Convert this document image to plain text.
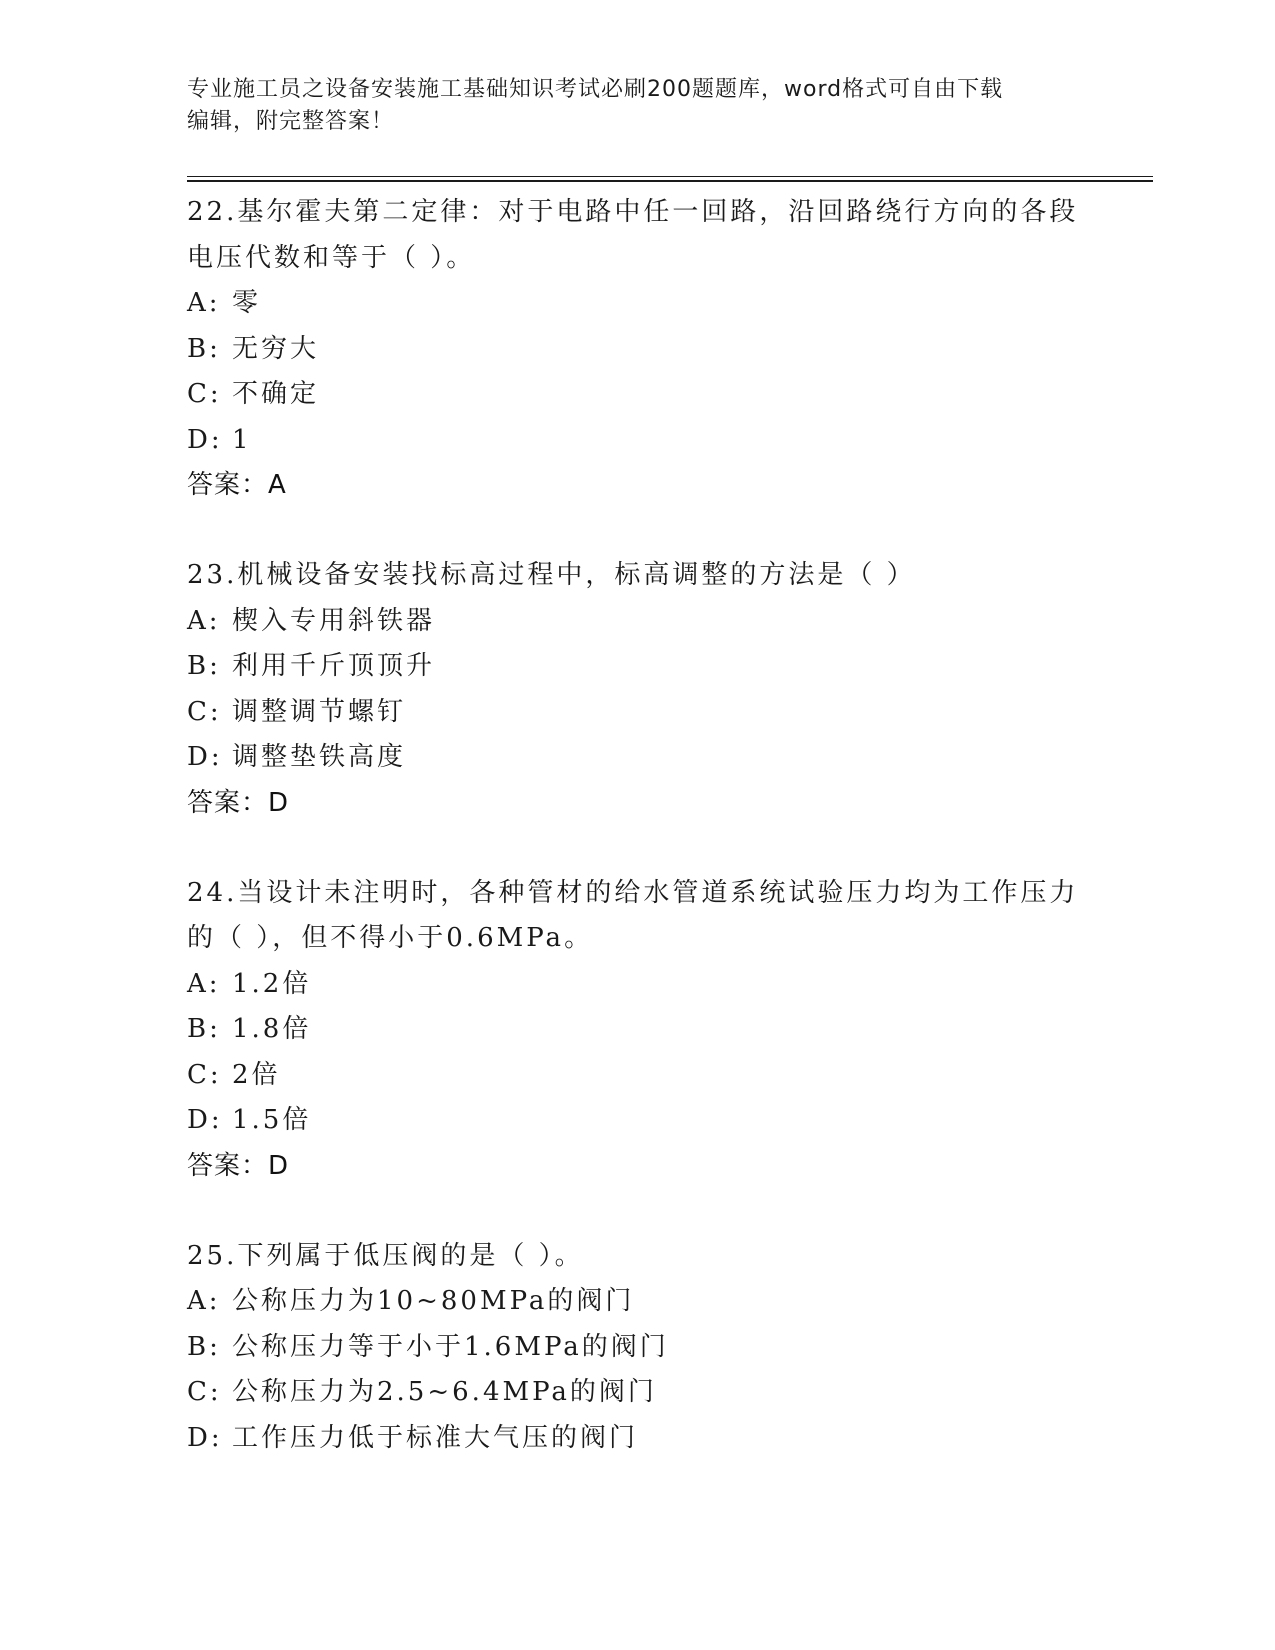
专业施工员之设备安装施工基础知识考试必刷200题题库，word格式可自由下载
编辑，附完整答案！
22.基尔霍夫第二定律：对于电路中任一回路，沿回路绕行方向的各段
电压代数和等于（ ）。
A: 零
B: 无穷大
C: 不确定
D: 1
答案：A
23.机械设备安装找标高过程中，标高调整的方法是（ ）
A: 楔入专用斜铁器
B: 利用千斤顶顶升
C: 调整调节螺钉
D: 调整垫铁高度
答案：D
24.当设计未注明时，各种管材的给水管道系统试验压力均为工作压力
的（ ），但不得小于0.6MPa。
A: 1.2倍
B: 1.8倍
C: 2倍
D: 1.5倍
答案：D
25.下列属于低压阀的是（ ）。
A: 公称压力为10~80MPa的阀门
B: 公称压力等于小于1.6MPa的阀门
C: 公称压力为2.5~6.4MPa的阀门
D: 工作压力低于标准大气压的阀门
